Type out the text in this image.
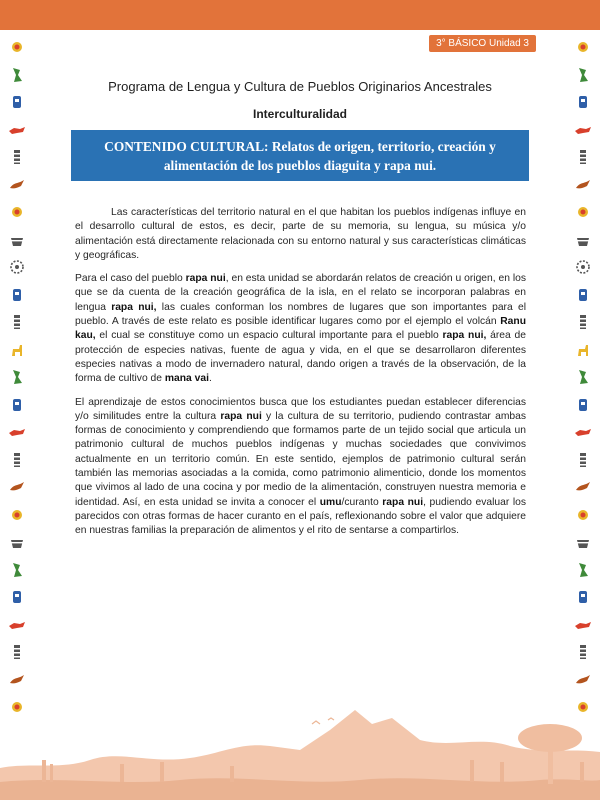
3° BÁSICO Unidad 3
Programa de Lengua y Cultura de Pueblos Originarios Ancestrales
Interculturalidad
CONTENIDO CULTURAL: Relatos de origen, territorio, creación y
alimentación de los pueblos diaguita y rapa nui.

Las características del territorio natural en el que habitan los pueblos indígenas influye en el desarrollo cultural de estos, es decir, parte de su memoria, su lengua, su música y/o alimentación está directamente relacionada con su entorno natural y sus características climáticas y geográficas.

Para el caso del pueblo rapa nui, en esta unidad se abordarán relatos de creación u origen, en los que se da cuenta de la creación geográfica de la isla, en el relato se incorporan palabras en lengua rapa nui, las cuales conforman los nombres de lugares que son importantes para el pueblo. A través de este relato es posible identificar lugares como por el ejemplo el volcán Ranu kau, el cual se constituye como un espacio cultural importante para el pueblo rapa nui, área de protección de especies nativas, fuente de agua y vida, en el que se desarrollaron diferentes especies nativas a modo de invernadero natural, dando origen a través de la observación, de la forma de cultivo de mana vai.

El aprendizaje de estos conocimientos busca que los estudiantes puedan establecer diferencias y/o similitudes entre la cultura rapa nui y la cultura de su territorio, pudiendo contrastar ambas formas de conocimiento y comprendiendo que formamos parte de un tejido social que articula un patrimonio cultural de muchos pueblos indígenas y muchas sociedades que convivimos actualmente en un territorio común. En este sentido, ejemplos de patrimonio cultural serán también las memorias asociadas a la comida, como patrimonio alimenticio, donde los momentos que vivimos al lado de una cocina y por medio de la alimentación, construyen nuestra memoria e identidad. Así, en esta unidad se invita a conocer el umu/curanto rapa nui, pudiendo evaluar los parecidos con otras formas de hacer curanto en el país, reflexionando sobre el valor que adquiere en nuestras familias la preparación de alimentos y el rito de sentarse a compartirlos.
